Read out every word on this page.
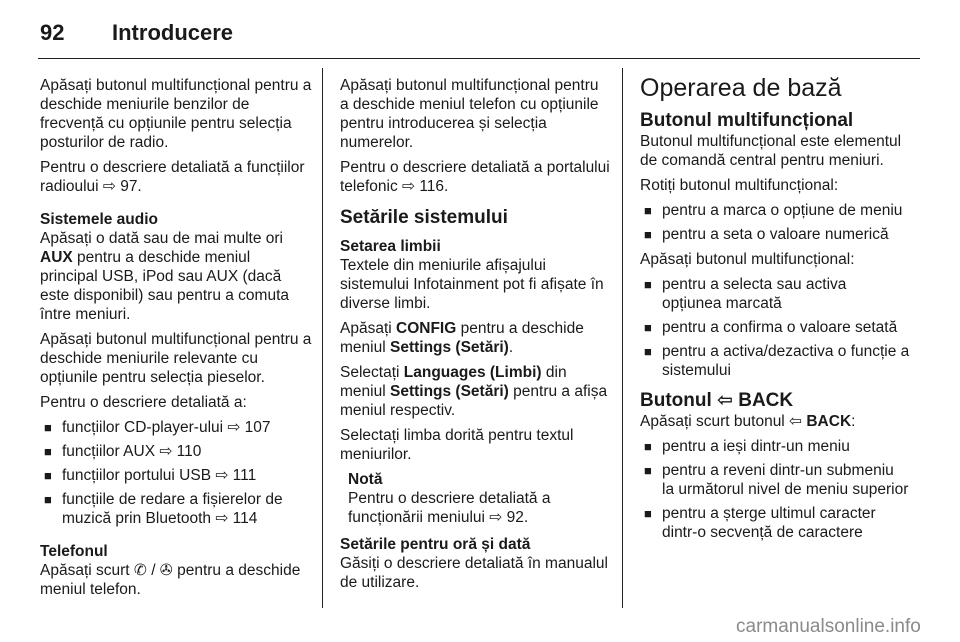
92 Introducere

Apăsați butonul multifuncțional pentru a deschide meniurile benzilor de frecvență cu opțiunile pentru selecția posturilor de radio.

Pentru o descriere detaliată a funcțiilor radioului ⇨ 97.

Sistemele audio

Apăsați o dată sau de mai multe ori AUX pentru a deschide meniul principal USB, iPod sau AUX (dacă este disponibil) sau pentru a comuta între meniuri.

Apăsați butonul multifuncțional pentru a deschide meniurile relevante cu opțiunile pentru selecția pieselor.

Pentru o descriere detaliată a:

■ funcțiilor CD-player-ului ⇨ 107
■ funcțiilor AUX ⇨ 110
■ funcțiilor portului USB ⇨ 111
■ funcțiile de redare a fișierelor de muzică prin Bluetooth ⇨ 114
Telefonul

Apăsați scurt ✆ / ✇ pentru a deschide meniul telefon.

Apăsați butonul multifuncțional pentru a deschide meniul telefon cu opțiunile pentru introducerea și selecția numerelor.

Pentru o descriere detaliată a portalului telefonic ⇨ 116.

Setările sistemului
Setarea limbii

Textele din meniurile afișajului sistemului Infotainment pot fi afișate în diverse limbi.

Apăsați CONFIG pentru a deschide meniul Settings (Setări).

Selectați Languages (Limbi) din meniul Settings (Setări) pentru a afișa meniul respectiv.

Selectați limba dorită pentru textul meniurilor.

Notă
Pentru o descriere detaliată a funcționării meniului ⇨ 92.
Setările pentru oră și dată

Găsiți o descriere detaliată în manualul de utilizare.

Operarea de bază
Butonul multifuncțional

Butonul multifuncțional este elementul de comandă central pentru meniuri.

Rotiți butonul multifuncțional:

■ pentru a marca o opțiune de meniu
■ pentru a seta o valoare numerică

Apăsați butonul multifuncțional:

■ pentru a selecta sau activa opțiunea marcată
■ pentru a confirma o valoare setată
■ pentru a activa/dezactiva o funcție a sistemului
Butonul ⇦ BACK

Apăsați scurt butonul ⇦ BACK:

■ pentru a ieși dintr-un meniu
■ pentru a reveni dintr-un submeniu la următorul nivel de meniu superior
■ pentru a șterge ultimul caracter dintr-o secvență de caractere
carmanualsonline.info
